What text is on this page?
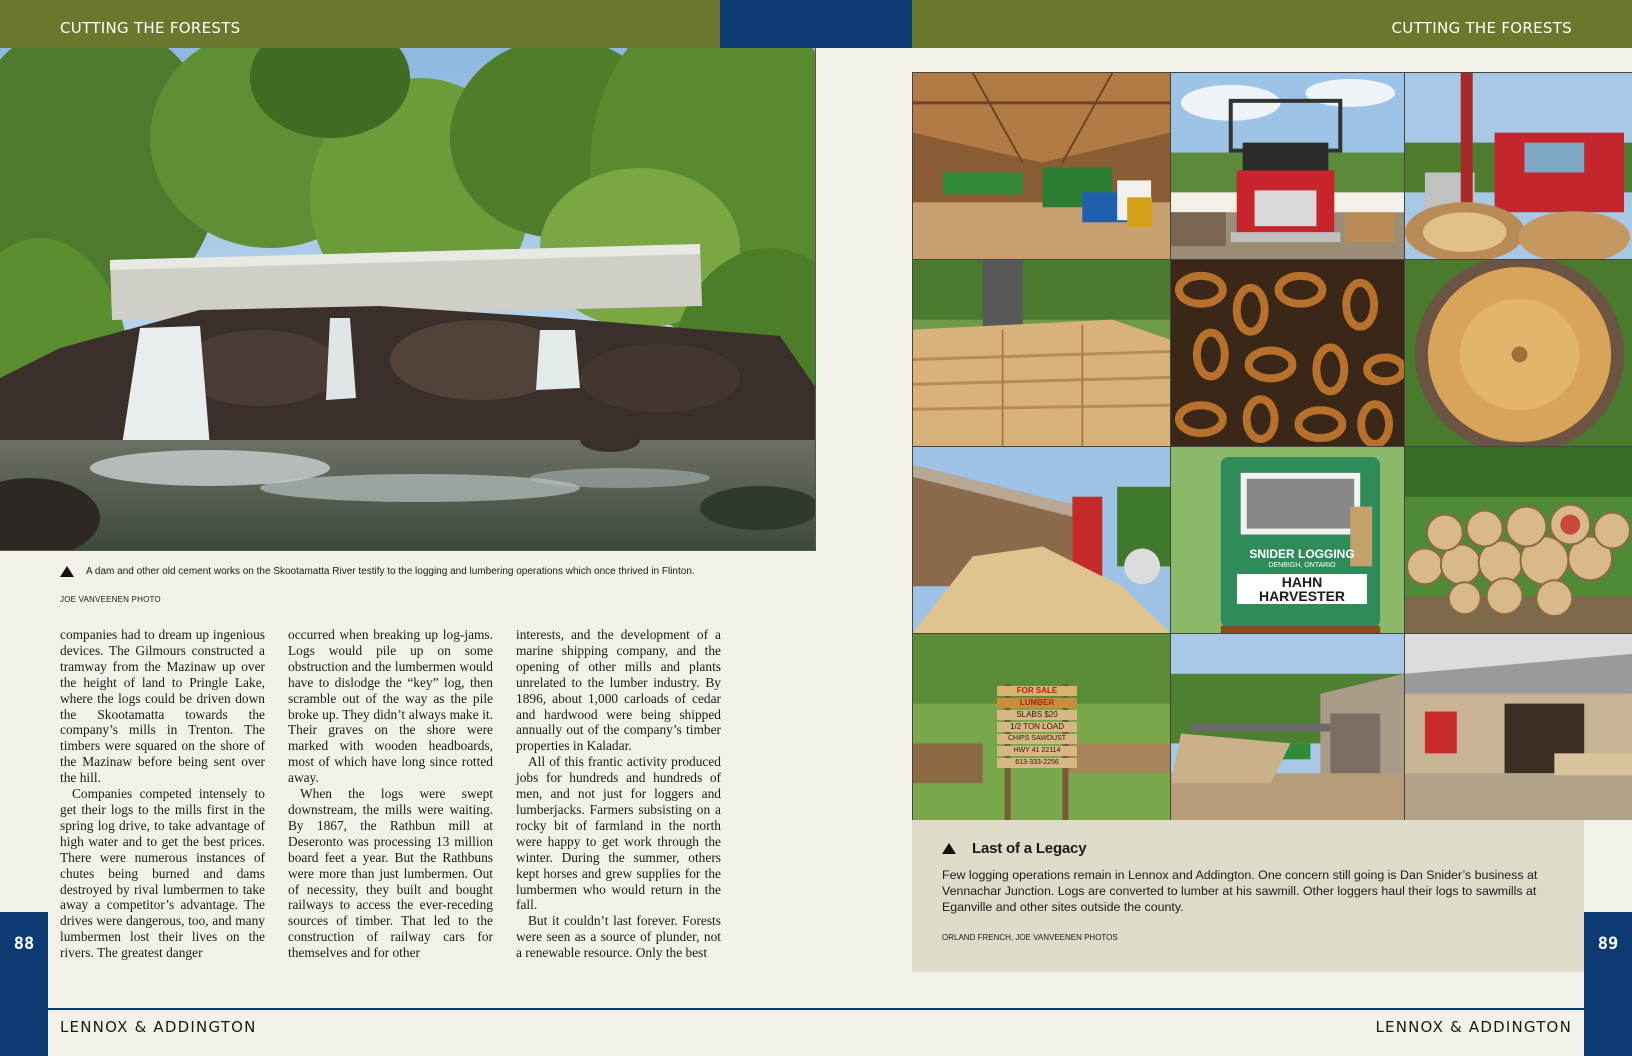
CUTTING THE FORESTS	CUTTING THE FORESTS
A dam and other old cement works on the Skootamatta River testify to the logging and lumbering operations which once thrived in Flinton.
JOE VANVEENEN PHOTO

companies had to dream up ingenious devices. The Gilmours constructed a tramway from the Mazinaw up over the height of land to Pringle Lake, where the logs could be driven down the Skootamatta towards the company’s mills in Trenton. The timbers were squared on the shore of the Mazinaw before being sent over the hill.

Companies competed intensely to get their logs to the mills first in the spring log drive, to take advantage of high water and to get the best prices. There were numerous instances of chutes being burned and dams destroyed by rival lumbermen to take away a competitor’s advantage. The drives were dangerous, too, and many lumbermen lost their lives on the rivers. The greatest danger

occurred when breaking up log-jams. Logs would pile up on some obstruction and the lumbermen would have to dislodge the “key” log, then scramble out of the way as the pile broke up. They didn’t always make it. Their graves on the shore were marked with wooden headboards, most of which have long since rotted away.

When the logs were swept downstream, the mills were waiting. By 1867, the Rathbun mill at Deseronto was processing 13 million board feet a year. But the Rathbuns were more than just lumbermen. Out of necessity, they built and bought railways to access the ever-receding sources of timber. That led to the construction of railway cars for themselves and for other

interests, and the development of a marine shipping company, and the opening of other mills and plants unrelated to the lumber industry. By 1896, about 1,000 carloads of cedar and hardwood were being shipped annually out of the company’s timber properties in Kaladar.

All of this frantic activity produced jobs for hundreds and hundreds of men, and not just for loggers and lumberjacks. Farmers subsisting on a rocky bit of farmland in the north were happy to get work through the winter. During the summer, others kept horses and grew supplies for the lumbermen who would return in the fall.

But it couldn’t last forever. Forests were seen as a source of plunder, not a renewable resource. Only the best

SNIDER LOGGING
DENBIGH, ONTARIO
HAHN HARVESTER
FOR SALE
LUMBER
SLABS $20
1/2 TON LOAD
CHIPS SAWDUST
HWY 41 22114
613-333-2256
Last of a Legacy
Few logging operations remain in Lennox and Addington. One concern still going is Dan Snider’s business at Vennachar Junction. Logs are converted to lumber at his sawmill. Other loggers haul their logs to sawmills at Eganville and other sites outside the county.
ORLAND FRENCH, JOE VANVEENEN PHOTOS
88	89
LENNOX & ADDINGTON	LENNOX & ADDINGTON
